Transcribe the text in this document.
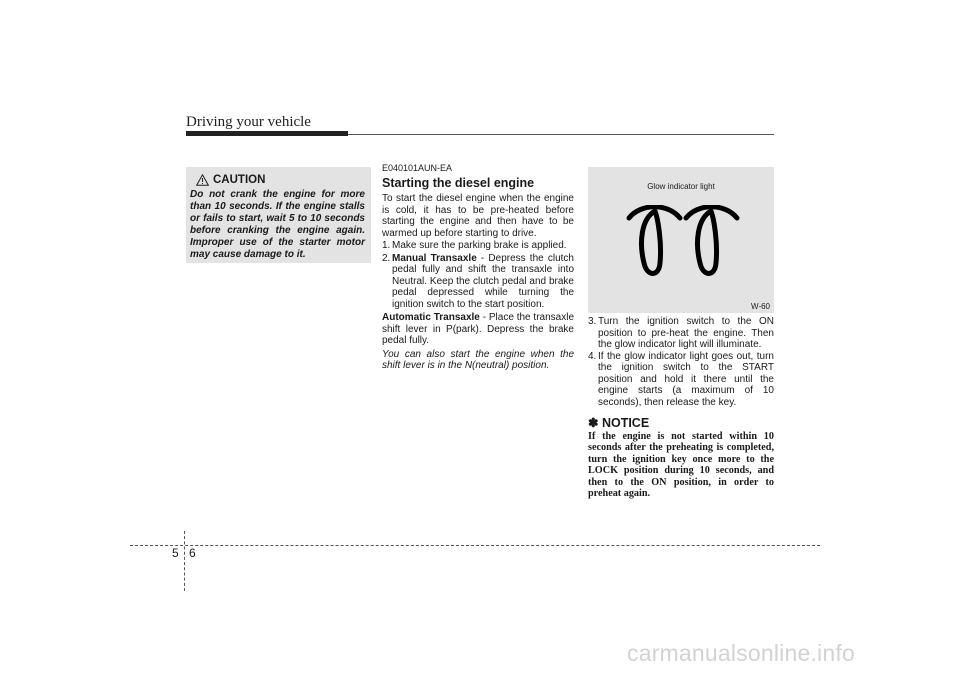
Driving your vehicle
CAUTION
Do not crank the engine for more than 10 seconds. If the engine stalls or fails to start, wait 5 to 10 seconds before cranking the engine again. Improper use of the starter motor may cause damage to it.
E040101AUN-EA
Starting the diesel engine

To start the diesel engine when the engine is cold, it has to be pre-heated before starting the engine and then have to be warmed up before starting to drive.

1. Make sure the parking brake is applied.
2. Manual Transaxle - Depress the clutch pedal fully and shift the transaxle into Neutral. Keep the clutch pedal and brake pedal depressed while turning the ignition switch to the start position.
Automatic Transaxle - Place the transaxle shift lever in P(park). Depress the brake pedal fully.
You can also start the engine when the shift lever is in the N(neutral) position.
Glow indicator light
W-60
3. Turn the ignition switch to the ON position to pre-heat the engine. Then the glow indicator light will illuminate.
4. If the glow indicator light goes out, turn the ignition switch to the START position and hold it there until the engine starts (a maximum of 10 seconds), then release the key.
✽ NOTICE
If the engine is not started within 10 seconds after the preheating is completed, turn the ignition key once more to the LOCK position during 10 seconds, and then to the ON position, in order to preheat again.
5 6
carmanualsonline.info
